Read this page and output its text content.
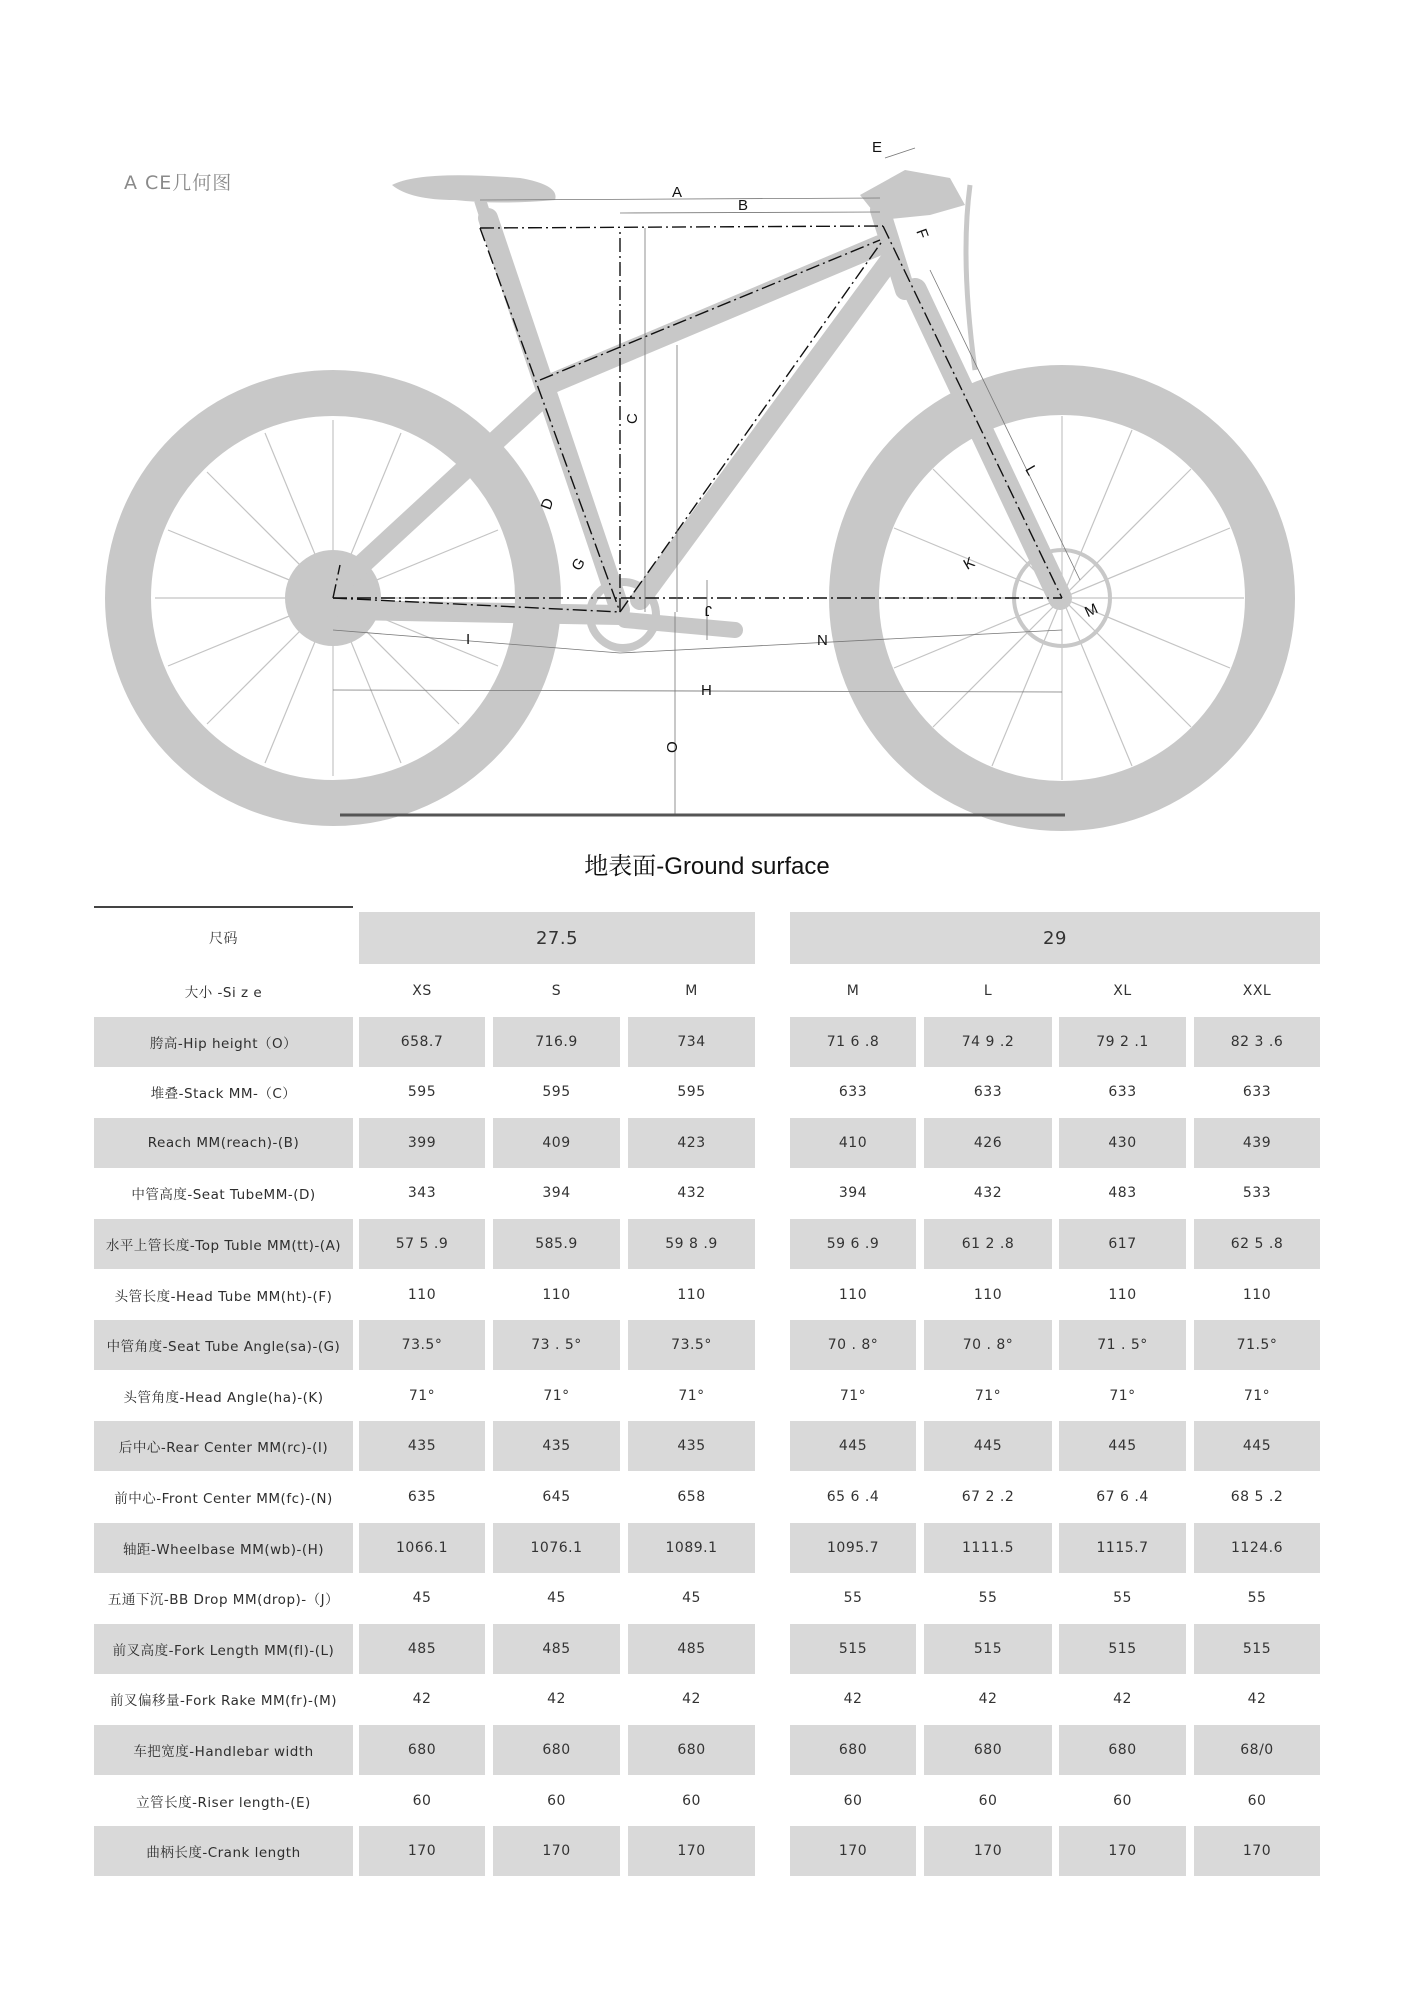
A CE几何图	A
B
C
D
E
F
G
H
I
J
K
L
M
N
O
地表面-Ground surface
尺码	27.5	29
大小 -Si z e	XS	S	M	M	L	XL	XXL
胯高-Hip height（O）	658.7	716.9	734	71 6 .8	74 9 .2	79 2 .1	82 3 .6
堆叠-Stack MM-（C）	595	595	595	633	633	633	633
Reach MM(reach)-(B)	399	409	423	410	426	430	439
中管高度-Seat TubeMM-(D)	343	394	432	394	432	483	533
水平上管长度-Top Tuble MM(tt)-(A)	57 5 .9	585.9	59 8 .9	59 6 .9	61 2 .8	617	62 5 .8
头管长度-Head Tube MM(ht)-(F)	110	110	110	110	110	110	110
中管角度-Seat Tube Angle(sa)-(G)	73.5°	73 . 5°	73.5°	70 . 8°	70 . 8°	71 . 5°	71.5°
头管角度-Head Angle(ha)-(K)	71°	71°	71°	71°	71°	71°	71°
后中心-Rear Center MM(rc)-(I)	435	435	435	445	445	445	445
前中心-Front Center MM(fc)-(N)	635	645	658	65 6 .4	67 2 .2	67 6 .4	68 5 .2
轴距-Wheelbase MM(wb)-(H)	1066.1	1076.1	1089.1	1095.7	1111.5	1115.7	1124.6
五通下沉-BB Drop MM(drop)-（J）	45	45	45	55	55	55	55
前叉高度-Fork Length MM(fl)-(L)	485	485	485	515	515	515	515
前叉偏移量-Fork Rake MM(fr)-(M)	42	42	42	42	42	42	42
车把宽度-Handlebar width	680	680	680	680	680	680	68/0
立管长度-Riser length-(E)	60	60	60	60	60	60	60
曲柄长度-Crank length	170	170	170	170	170	170	170
